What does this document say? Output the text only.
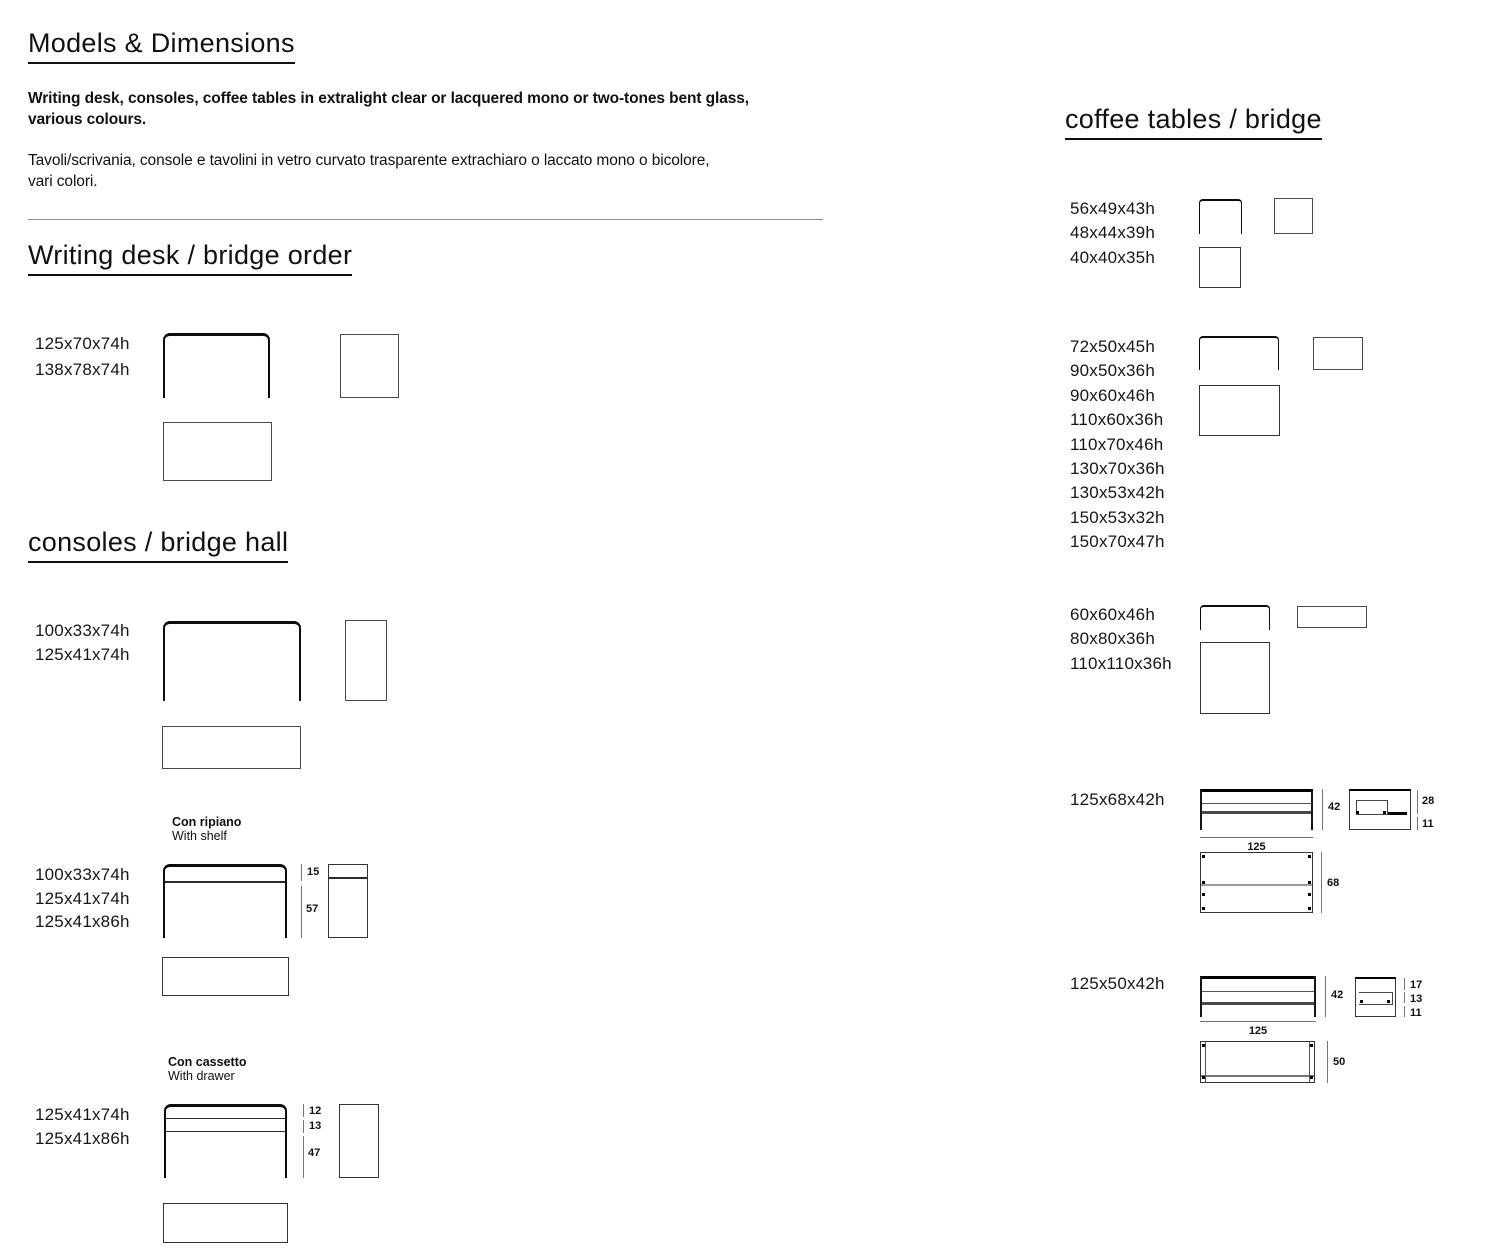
Models & Dimensions
Writing desk, consoles, coffee tables in extralight clear or lacquered mono or two-tones bent glass,
various colours.
Tavoli/scrivania, console e tavolini in vetro curvato trasparente extrachiaro o laccato mono o bicolore,
vari colori.
Writing desk / bridge order
125x70x74h
138x78x74h
consoles / bridge hall
100x33x74h
125x41x74h
Con ripiano
With shelf
100x33x74h
125x41x74h
125x41x86h
15
57
Con cassetto
With drawer
125x41x74h
125x41x86h
12
13
47
coffee tables / bridge
56x49x43h
48x44x39h
40x40x35h
72x50x45h
90x50x36h
90x60x46h
110x60x36h
110x70x46h
130x70x36h
130x53x42h
150x53x32h
150x70x47h
60x60x46h
80x80x36h
110x110x36h
125x68x42h	42
125
28
11
68
125x50x42h
42
125
17
13
11
50
